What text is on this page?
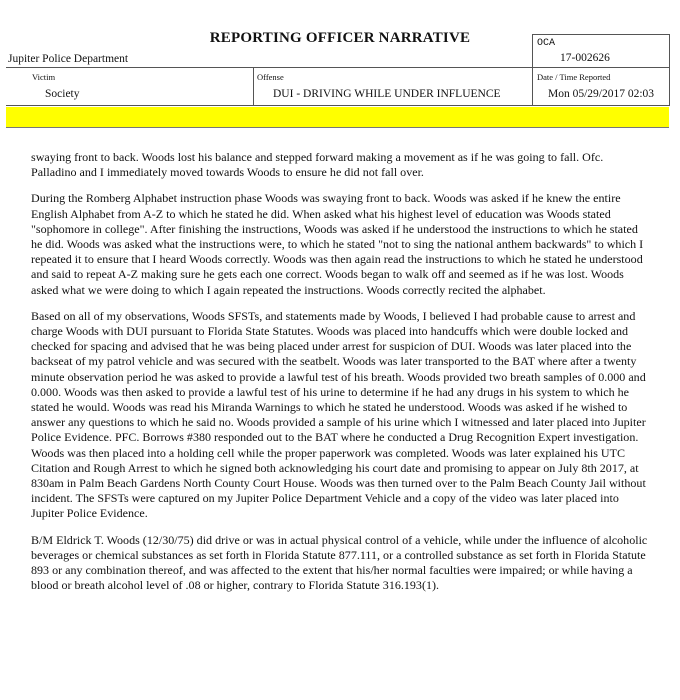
REPORTING OFFICER NARRATIVE
Jupiter Police Department
OCA
17-002626
Victim	Offense	Date / Time Reported
Society	DUI - DRIVING WHILE UNDER INFLUENCE	Mon 05/29/2017 02:03

swaying front to back. Woods lost his balance and stepped forward making a movement as if he was going to fall. Ofc. Palladino and I immediately moved towards Woods to ensure he did not fall over.

During the Romberg Alphabet instruction phase Woods was swaying front to back. Woods was asked if he knew the entire English Alphabet from A-Z to which he stated he did. When asked what his highest level of education was Woods stated "sophomore in college". After finishing the instructions, Woods was asked if he understood the instructions to which he stated he did. Woods was asked what the instructions were, to which he stated "not to sing the national anthem backwards" to which I repeated it to ensure that I heard Woods correctly. Woods was then again read the instructions to which he stated he understood and said to repeat A-Z making sure he gets each one correct. Woods began to walk off and seemed as if he was lost. Woods asked what we were doing to which I again repeated the instructions. Woods correctly recited the alphabet.

Based on all of my observations, Woods SFSTs, and statements made by Woods, I believed I had probable cause to arrest and charge Woods with DUI pursuant to Florida State Statutes. Woods was placed into handcuffs which were double locked and checked for spacing and advised that he was being placed under arrest for suspicion of DUI. Woods was later placed into the backseat of my patrol vehicle and was secured with the seatbelt. Woods was later transported to the BAT where after a twenty minute observation period he was asked to provide a lawful test of his breath. Woods provided two breath samples of 0.000 and 0.000. Woods was then asked to provide a lawful test of his urine to determine if he had any drugs in his system to which he stated he would. Woods was read his Miranda Warnings to which he stated he understood. Woods was asked if he wished to answer any questions to which he said no. Woods provided a sample of his urine which I witnessed and later placed into Jupiter Police Evidence. PFC. Borrows #380 responded out to the BAT where he conducted a Drug Recognition Expert investigation. Woods was then placed into a holding cell while the proper paperwork was completed. Woods was later explained his UTC Citation and Rough Arrest to which he signed both acknowledging his court date and promising to appear on July 8th 2017, at 830am in Palm Beach Gardens North County Court House. Woods was then turned over to the Palm Beach County Jail without incident. The SFSTs were captured on my Jupiter Police Department Vehicle and a copy of the video was later placed into Jupiter Police Evidence.

B/M Eldrick T. Woods (12/30/75) did drive or was in actual physical control of a vehicle, while under the influence of alcoholic beverages or chemical substances as set forth in Florida Statute 877.111, or a controlled substance as set forth in Florida Statute 893 or any combination thereof, and was affected to the extent that his/her normal faculties were impaired; or while having a blood or breath alcohol level of .08 or higher, contrary to Florida Statute 316.193(1).
